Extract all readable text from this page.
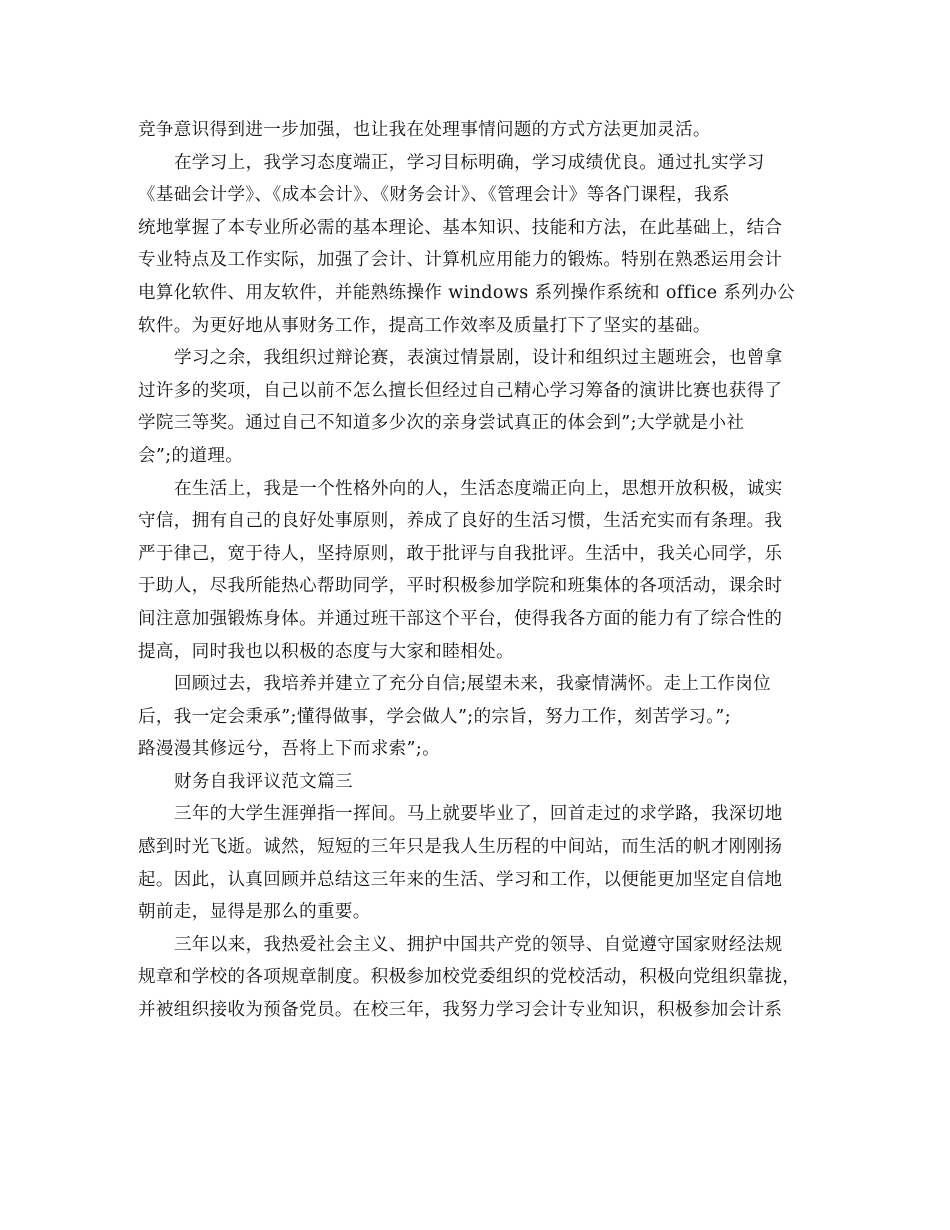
竞争意识得到进一步加强，也让我在处理事情问题的方式方法更加灵活。

在学习上，我学习态度端正，学习目标明确，学习成绩优良。通过扎实学习
《基础会计学》、《成本会计》、《财务会计》、《管理会计》等各门课程，我系
统地掌握了本专业所必需的基本理论、基本知识、技能和方法，在此基础上，结合
专业特点及工作实际，加强了会计、计算机应用能力的锻炼。特别在熟悉运用会计
电算化软件、用友软件，并能熟练操作 windows 系列操作系统和 office 系列办公
软件。为更好地从事财务工作，提高工作效率及质量打下了坚实的基础。

学习之余，我组织过辩论赛，表演过情景剧，设计和组织过主题班会，也曾拿
过许多的奖项，自己以前不怎么擅长但经过自己精心学习筹备的演讲比赛也获得了
学院三等奖。通过自己不知道多少次的亲身尝试真正的体会到”;大学就是小社
会”;的道理。

在生活上，我是一个性格外向的人，生活态度端正向上，思想开放积极，诚实
守信，拥有自己的良好处事原则，养成了良好的生活习惯，生活充实而有条理。我
严于律己，宽于待人，坚持原则，敢于批评与自我批评。生活中，我关心同学，乐
于助人，尽我所能热心帮助同学，平时积极参加学院和班集体的各项活动，课余时
间注意加强锻炼身体。并通过班干部这个平台，使得我各方面的能力有了综合性的
提高，同时我也以积极的态度与大家和睦相处。

回顾过去，我培养并建立了充分自信;展望未来，我豪情满怀。走上工作岗位
后，我一定会秉承”;懂得做事，学会做人”;的宗旨，努力工作，刻苦学习。”;
路漫漫其修远兮，吾将上下而求索”;。

财务自我评议范文篇三

三年的大学生涯弹指一挥间。马上就要毕业了，回首走过的求学路，我深切地
感到时光飞逝。诚然，短短的三年只是我人生历程的中间站，而生活的帆才刚刚扬
起。因此，认真回顾并总结这三年来的生活、学习和工作，以便能更加坚定自信地
朝前走，显得是那么的重要。

三年以来，我热爱社会主义、拥护中国共产党的领导、自觉遵守国家财经法规
规章和学校的各项规章制度。积极参加校党委组织的党校活动，积极向党组织靠拢，
并被组织接收为预备党员。在校三年，我努力学习会计专业知识，积极参加会计系
